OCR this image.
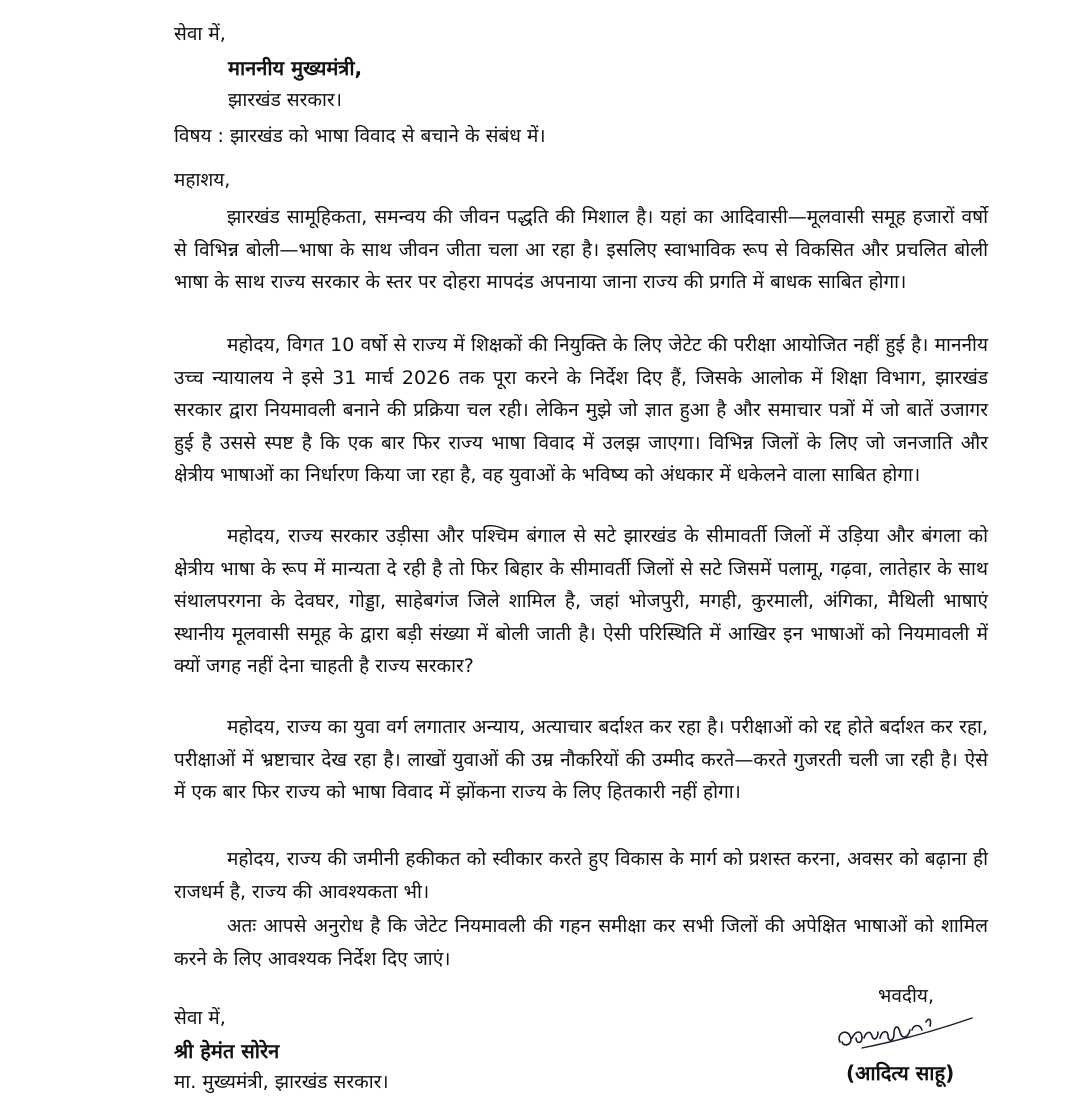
सेवा में,

माननीय मुख्यमंत्री,

झारखंड सरकार।

विषय : झारखंड को भाषा विवाद से बचाने के संबंध में।

महाशय,

झारखंड सामूहिकता, समन्वय की जीवन पद्धति की मिशाल है। यहां का आदिवासी—मूलवासी समूह हजारों वर्षो से विभिन्न बोली—भाषा के साथ जीवन जीता चला आ रहा है। इसलिए स्वाभाविक रूप से विकसित और प्रचलित बोली भाषा के साथ राज्य सरकार के स्तर पर दोहरा मापदंड अपनाया जाना राज्य की प्रगति में बाधक साबित होगा।

महोदय, विगत 10 वर्षो से राज्य में शिक्षकों की नियुक्ति के लिए जेटेट की परीक्षा आयोजित नहीं हुई है। माननीय उच्च न्यायालय ने इसे 31 मार्च 2026 तक पूरा करने के निर्देश दिए हैं, जिसके आलोक में शिक्षा विभाग, झारखंड सरकार द्वारा नियमावली बनाने की प्रक्रिया चल रही। लेकिन मुझे जो ज्ञात हुआ है और समाचार पत्रों में जो बातें उजागर हुई है उससे स्पष्ट है कि एक बार फिर राज्य भाषा विवाद में उलझ जाएगा। विभिन्न जिलों के लिए जो जनजाति और क्षेत्रीय भाषाओं का निर्धारण किया जा रहा है, वह युवाओं के भविष्य को अंधकार में धकेलने वाला साबित होगा।

महोदय, राज्य सरकार उड़ीसा और पश्चिम बंगाल से सटे झारखंड के सीमावर्ती जिलों में उड़िया और बंगला को क्षेत्रीय भाषा के रूप में मान्यता दे रही है तो फिर बिहार के सीमावर्ती जिलों से सटे जिसमें पलामू, गढ़वा, लातेहार के साथ संथालपरगना के देवघर, गोड्डा, साहेबगंज जिले शामिल है, जहां भोजपुरी, मगही, कुरमाली, अंगिका, मैथिली भाषाएं स्थानीय मूलवासी समूह के द्वारा बड़ी संख्या में बोली जाती है। ऐसी परिस्थिति में आखिर इन भाषाओं को नियमावली में क्यों जगह नहीं देना चाहती है राज्य सरकार?

महोदय, राज्य का युवा वर्ग लगातार अन्याय, अत्याचार बर्दाश्त कर रहा है। परीक्षाओं को रद्द होते बर्दाश्त कर रहा, परीक्षाओं में भ्रष्टाचार देख रहा है। लाखों युवाओं की उम्र नौकरियों की उम्मीद करते—करते गुजरती चली जा रही है। ऐसे में एक बार फिर राज्य को भाषा विवाद में झोंकना राज्य के लिए हितकारी नहीं होगा।

महोदय, राज्य की जमीनी हकीकत को स्वीकार करते हुए विकास के मार्ग को प्रशस्त करना, अवसर को बढ़ाना ही राजधर्म है, राज्य की आवश्यकता भी।

अतः आपसे अनुरोध है कि जेटेट नियमावली की गहन समीक्षा कर सभी जिलों की अपेक्षित भाषाओं को शामिल करने के लिए आवश्यक निर्देश दिए जाएं।

भवदीय,

(आदित्य साहू)

सेवा में,

श्री हेमंत सोरेन

मा. मुख्यमंत्री, झारखंड सरकार।
